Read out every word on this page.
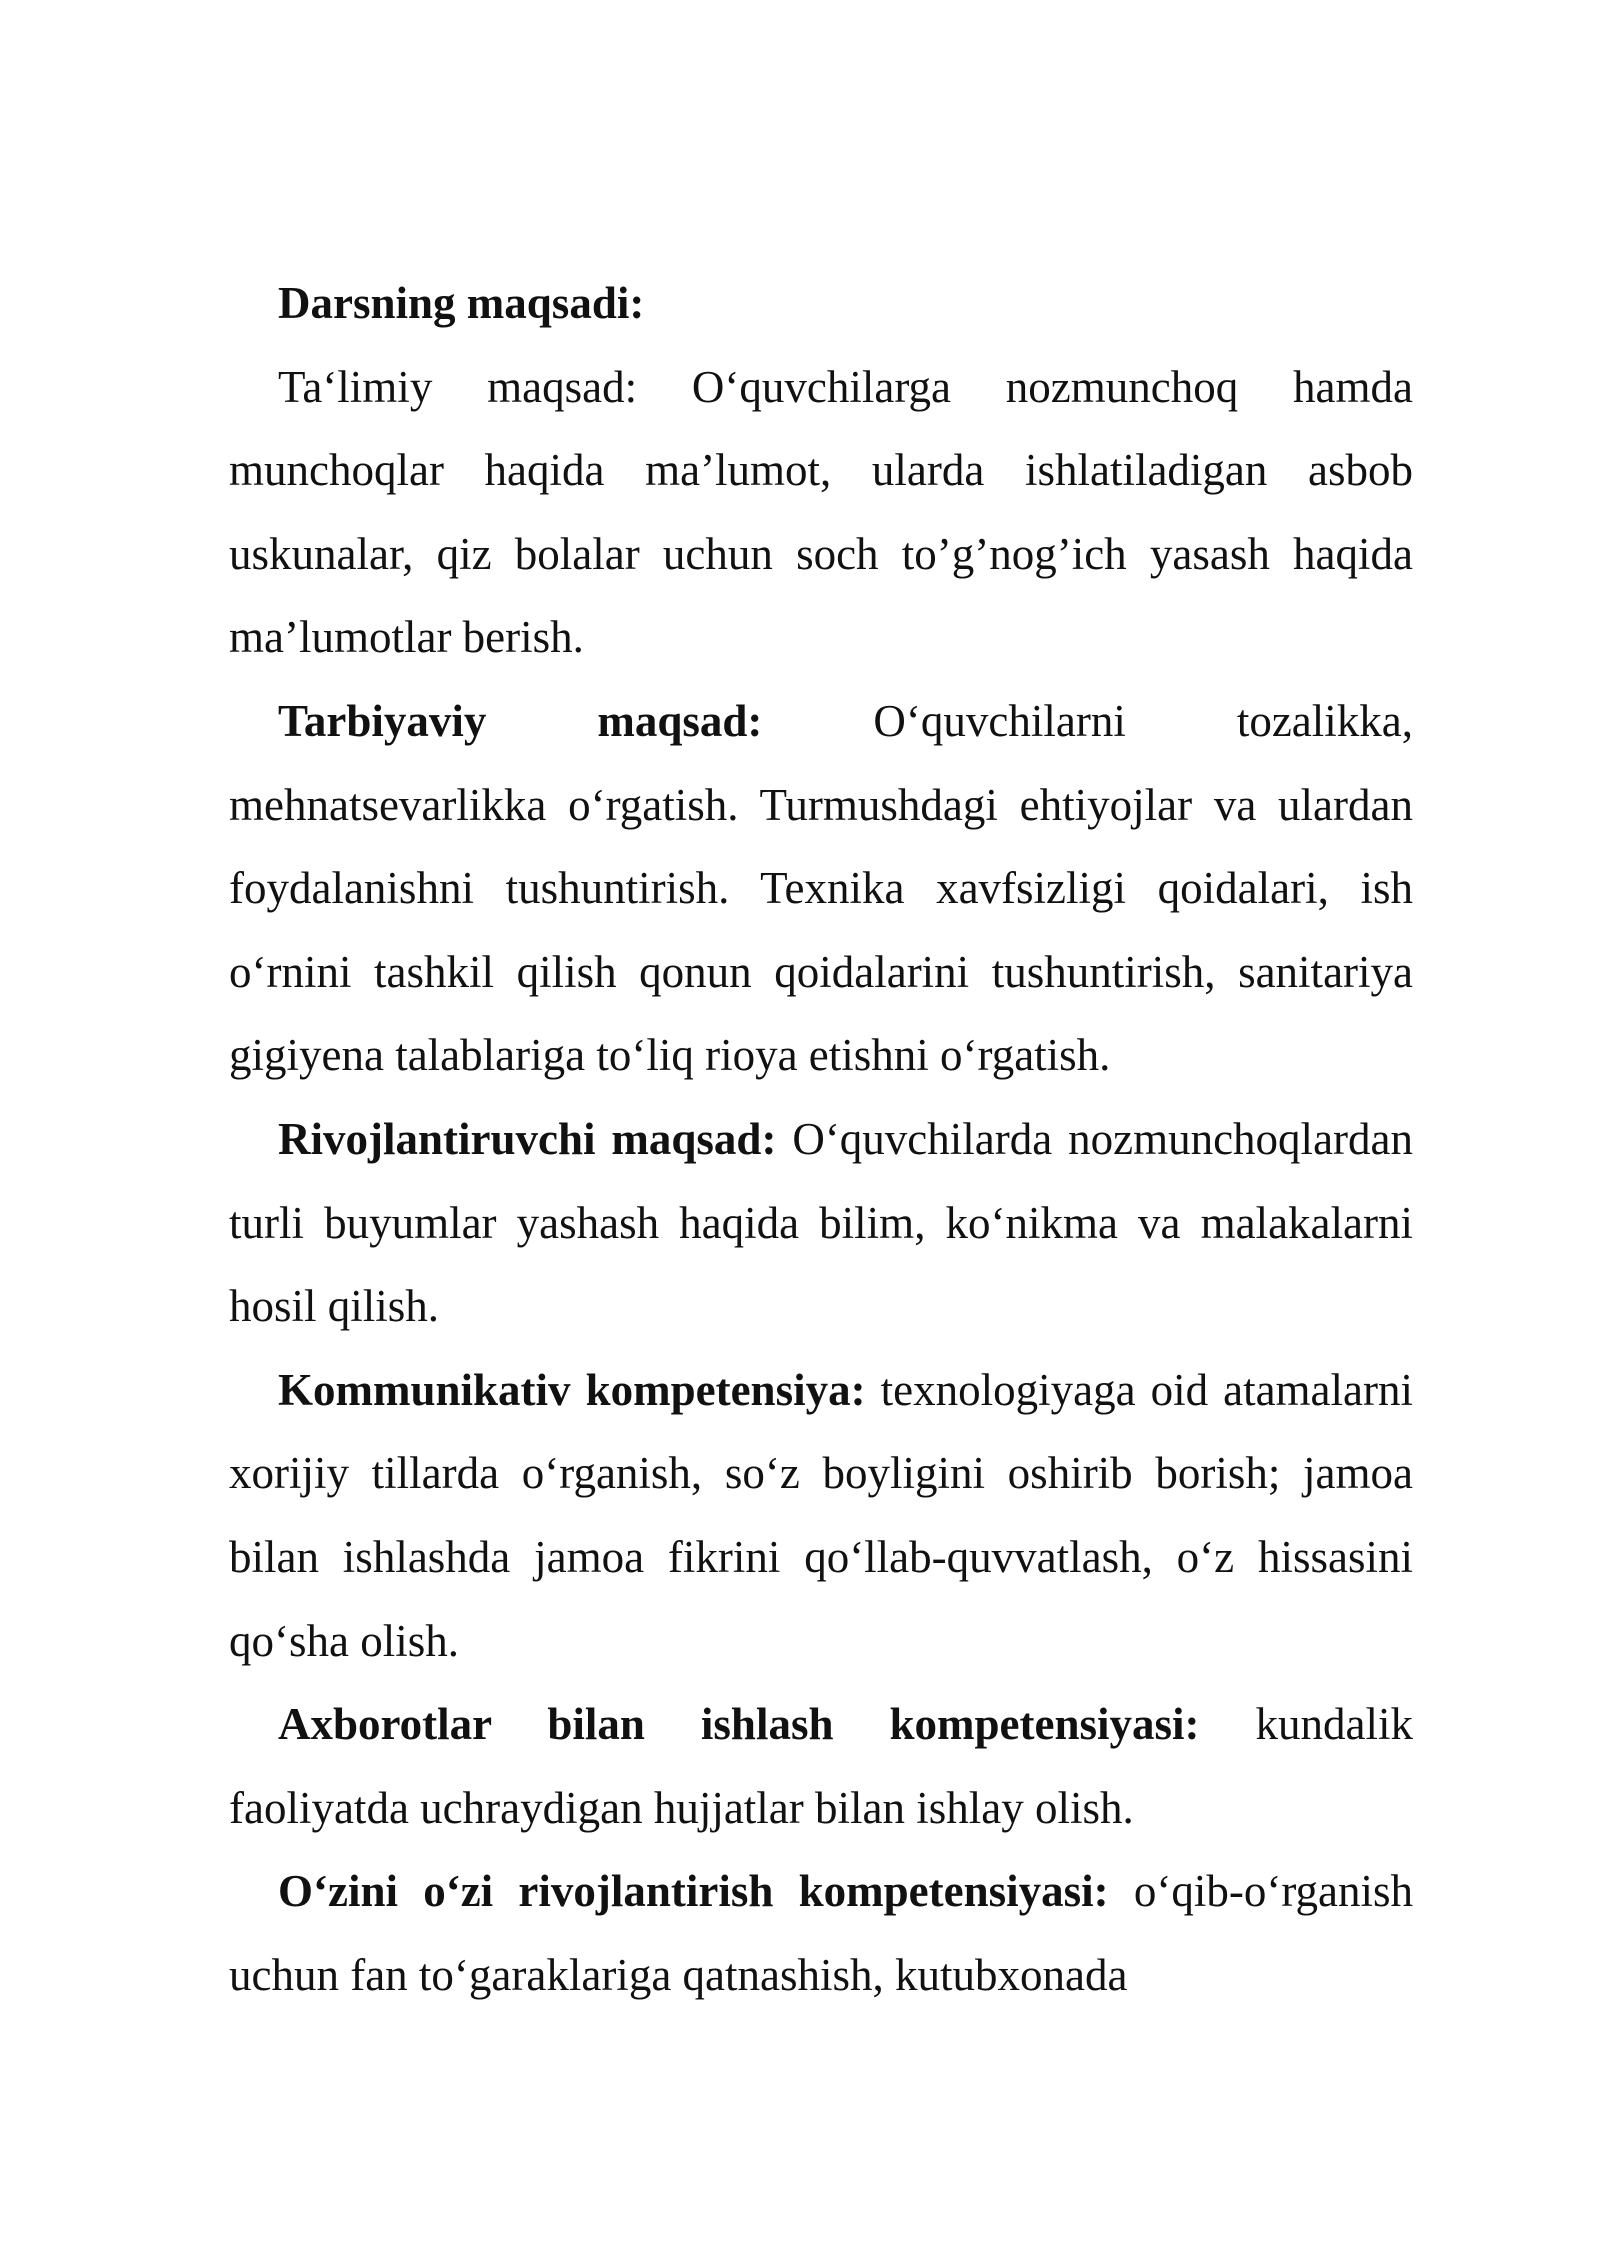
Darsning maqsadi:

Ta‘limiy maqsad: O‘quvchilarga nozmunchoq hamda munchoqlar haqida ma’lumot, ularda ishlatiladigan asbob uskunalar, qiz bolalar uchun soch to’g’nog’ich yasash haqida ma’lumotlar berish.

Tarbiyaviy maqsad: O‘quvchilarni tozalikka, mehnatsevarlikka o‘rgatish. Turmushdagi ehtiyojlar va ulardan foydalanishni tushuntirish. Texnika xavfsizligi qoidalari, ish o‘rnini tashkil qilish qonun qoidalarini tushuntirish, sanitariya gigiyena talablariga to‘liq rioya etishni o‘rgatish.

Rivojlantiruvchi maqsad: O‘quvchilarda nozmunchoqlardan turli buyumlar yashash haqida bilim, ko‘nikma va malakalarni hosil qilish.

Kommunikativ kompetensiya: texnologiyaga oid atamalarni xorijiy tillarda o‘rganish, so‘z boyligini oshirib borish; jamoa bilan ishlashda jamoa fikrini qo‘llab-quvvatlash, o‘z hissasini qo‘sha olish.

Axborotlar bilan ishlash kompetensiyasi: kundalik faoliyatda uchraydigan hujjatlar bilan ishlay olish.

O‘zini o‘zi rivojlantirish kompetensiyasi: o‘qib-o‘rganish uchun fan to‘garaklariga qatnashish, kutubxonada
